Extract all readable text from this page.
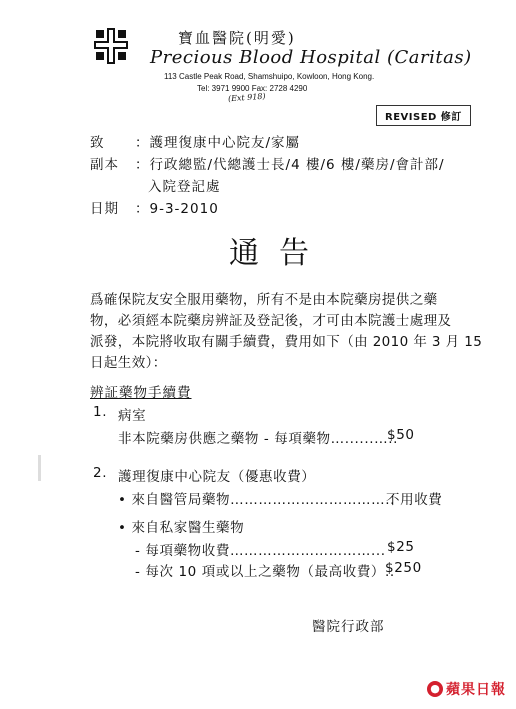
寶血醫院(明愛)
Precious Blood Hospital (Caritas)
113 Castle Peak Road, Shamshuipo, Kowloon, Hong Kong.
Tel: 3971 9900 Fax: 2728 4290
(Ext 918)
REVISED 修訂
致 ：護理復康中心院友/家屬
副本 ：行政總監/代總護士長/4 樓/6 樓/藥房/會計部/
入院登記處
日期 ：9-3-2010
通告
爲確保院友安全服用藥物，所有不是由本院藥房提供之藥
物，必須經本院藥房辨証及登記後，才可由本院護士處理及
派發，本院將收取有關手續費，費用如下（由 2010 年 3 月 15
日起生效）：
辨証藥物手續費
1. 病室
非本院藥房供應之藥物 - 每項藥物…......…..
$50
2. 護理復康中心院友（優惠收費）
• 來自醫管局藥物……………………………..
不用收費
• 來自私家醫生藥物
- 每項藥物收費…………………………... $25
- 每次 10 項或以上之藥物（最高收費）..
$250
醫院行政部
● 蘋果日報
